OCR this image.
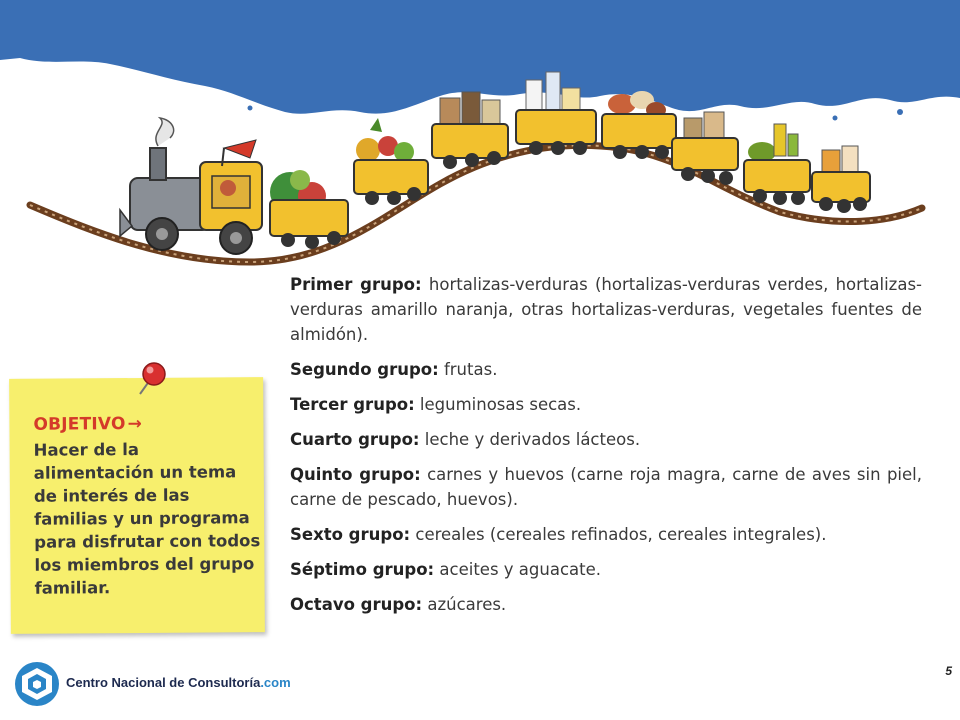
Primer grupo: hortalizas-verduras (hortalizas-verduras verdes, hortalizas-verduras amarillo naranja, otras hortalizas-verduras, vegetales fuentes de almidón).

Segundo grupo: frutas.

Tercer grupo: leguminosas secas.

Cuarto grupo: leche y derivados lácteos.

Quinto grupo: carnes y huevos (carne roja magra, carne de aves sin piel, carne de pescado, huevos).

Sexto grupo: cereales (cereales refinados, cereales integrales).

Séptimo grupo: aceites y aguacate.

Octavo grupo: azúcares.

OBJETIVO →
Hacer de la alimentación un tema de interés de las familias y un programa para disfrutar con todos los miembros del grupo familiar.
Centro Nacional de Consultoría.com
5
